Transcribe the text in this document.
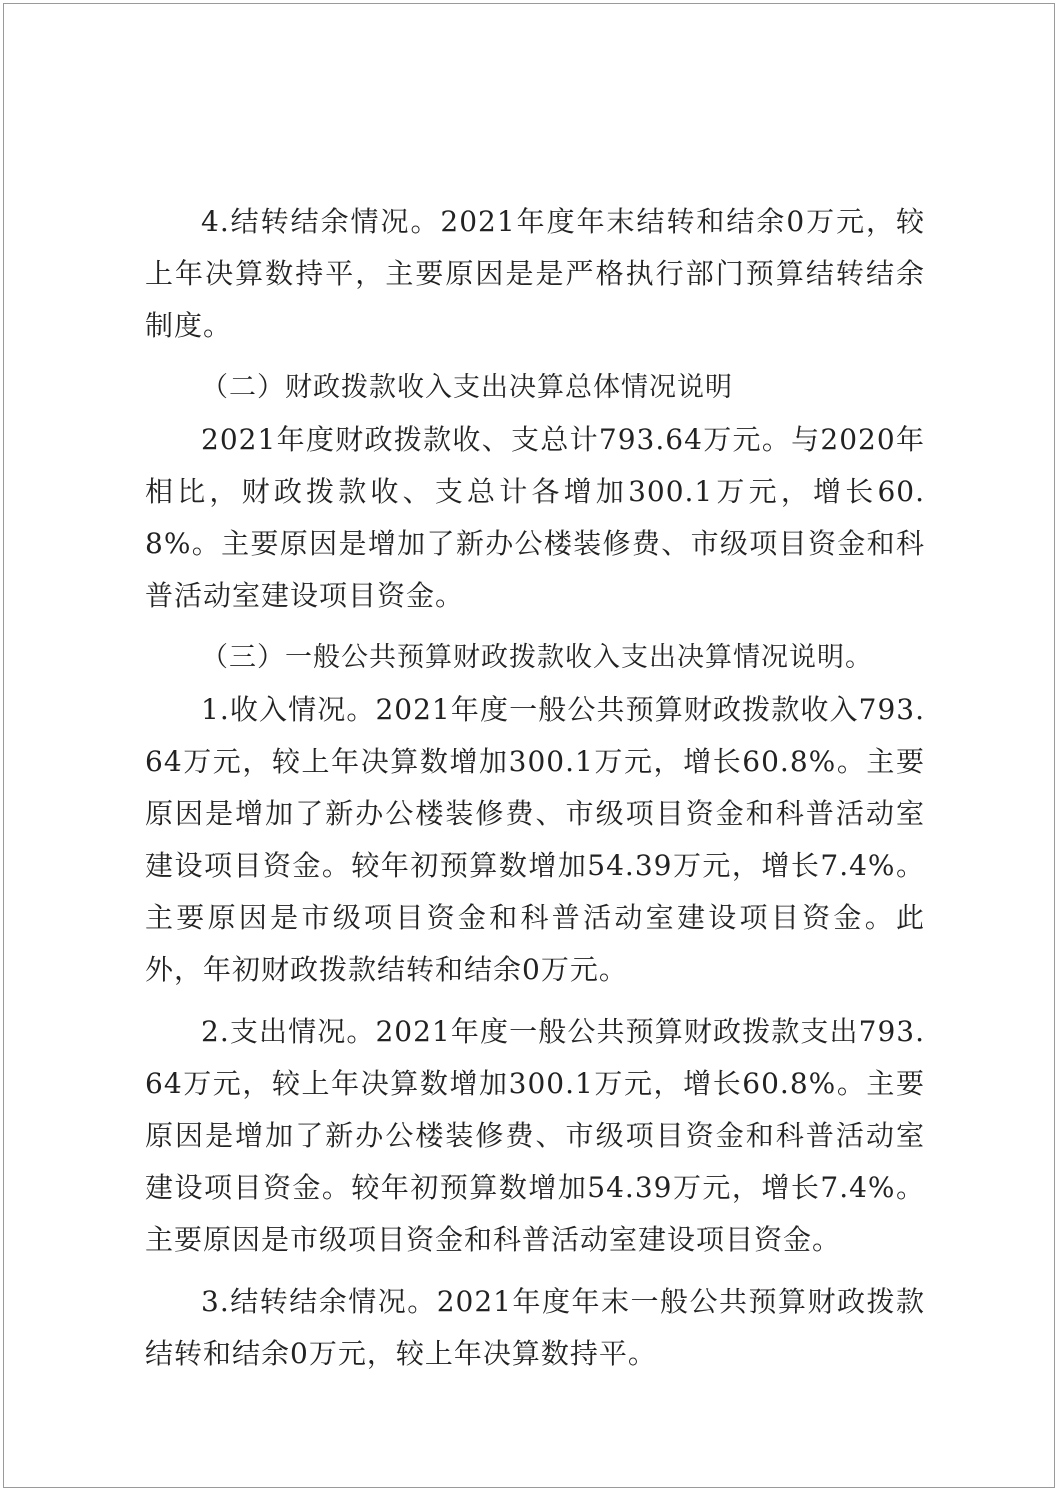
4.结转结余情况。2021年度年末结转和结余0万元，较上年决算数持平，主要原因是是严格执行部门预算结转结余制度。

（二）财政拨款收入支出决算总体情况说明

2021年度财政拨款收、支总计793.64万元。与2020年相比，财政拨款收、支总计各增加300.1万元，增长60.8%。主要原因是增加了新办公楼装修费、市级项目资金和科普活动室建设项目资金。

（三）一般公共预算财政拨款收入支出决算情况说明。

1.收入情况。2021年度一般公共预算财政拨款收入793.64万元，较上年决算数增加300.1万元，增长60.8%。主要原因是增加了新办公楼装修费、市级项目资金和科普活动室建设项目资金。较年初预算数增加54.39万元，增长7.4%。主要原因是市级项目资金和科普活动室建设项目资金。此外，年初财政拨款结转和结余0万元。

2.支出情况。2021年度一般公共预算财政拨款支出793.64万元，较上年决算数增加300.1万元，增长60.8%。主要原因是增加了新办公楼装修费、市级项目资金和科普活动室建设项目资金。较年初预算数增加54.39万元，增长7.4%。主要原因是市级项目资金和科普活动室建设项目资金。

3.结转结余情况。2021年度年末一般公共预算财政拨款结转和结余0万元，较上年决算数持平。
